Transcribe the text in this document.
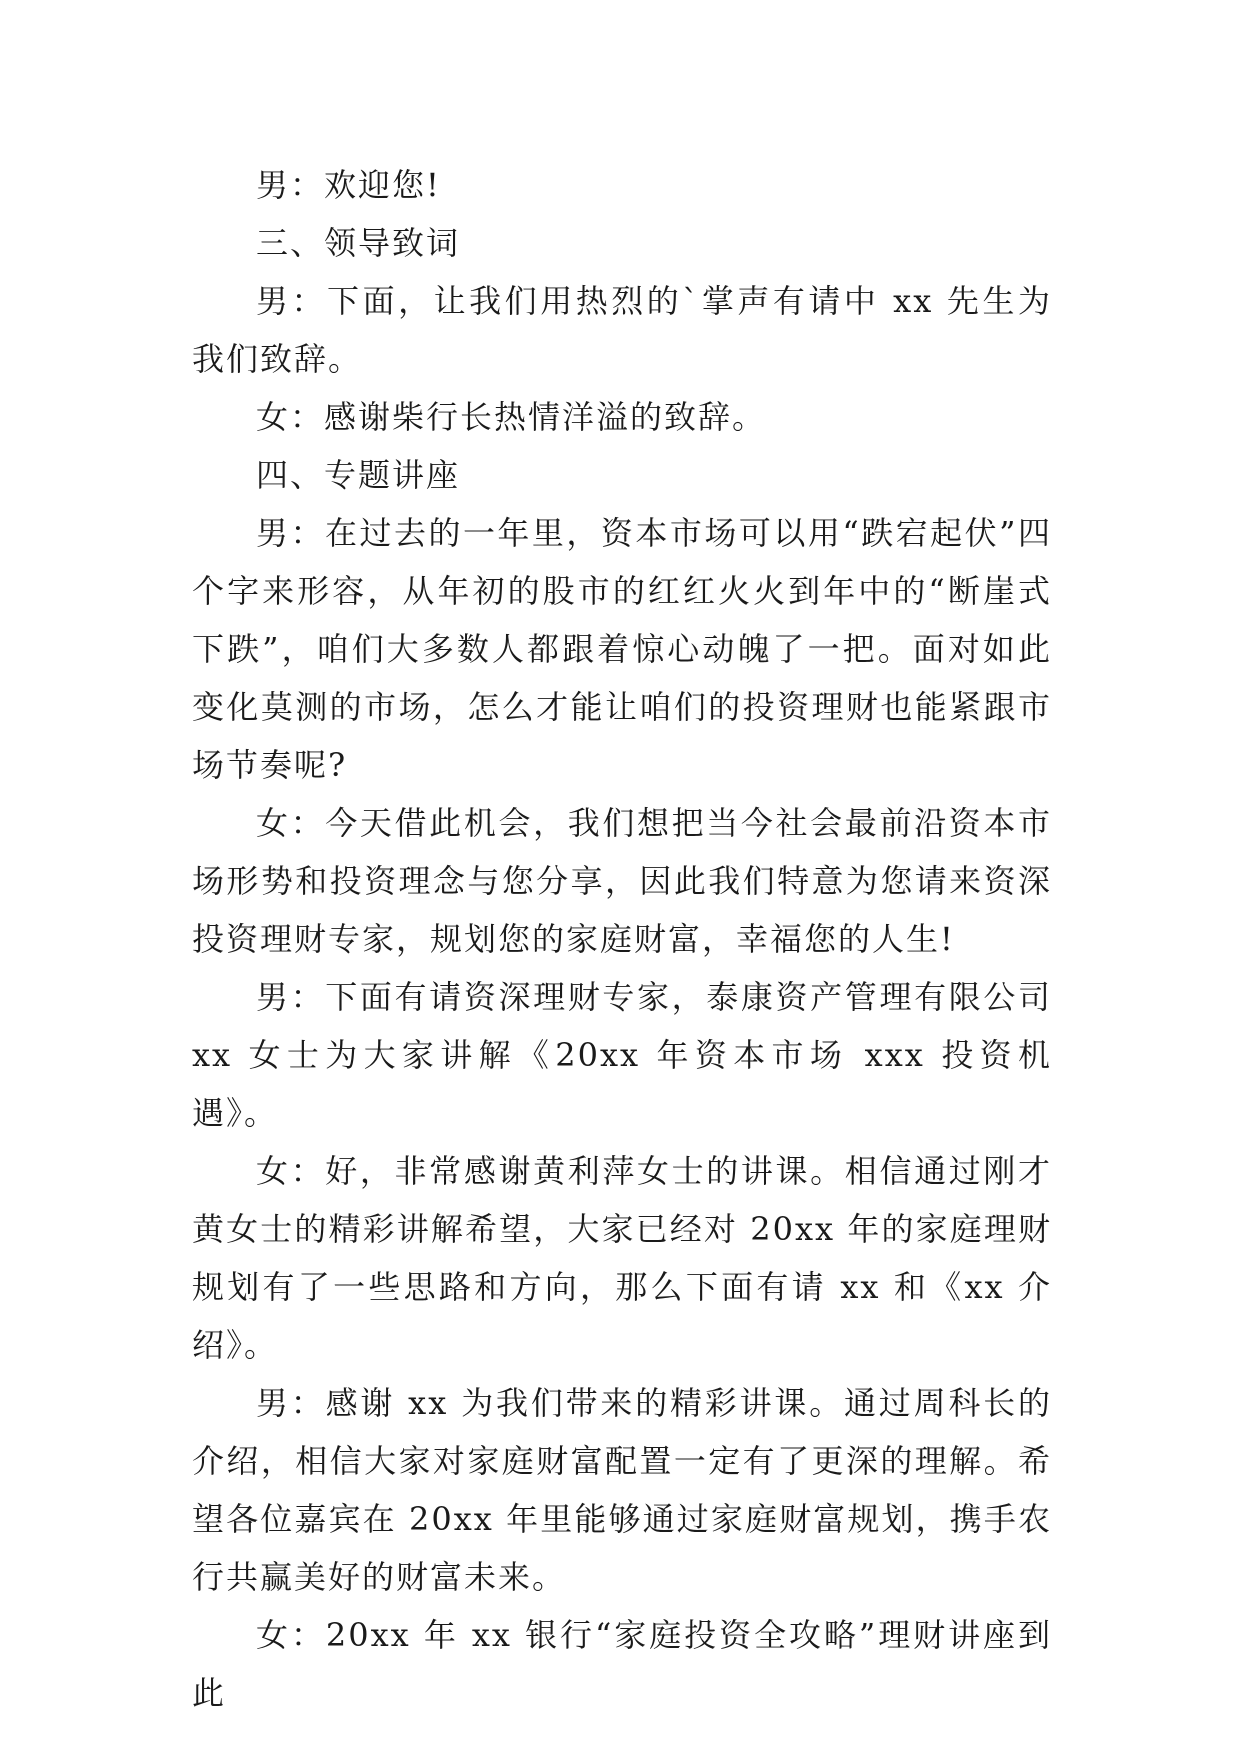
男：欢迎您!

三、领导致词

男：下面，让我们用热烈的`掌声有请中 xx 先生为我们致辞。

女：感谢柴行长热情洋溢的致辞。

四、专题讲座

男：在过去的一年里，资本市场可以用“跌宕起伏”四个字来形容，从年初的股市的红红火火到年中的“断崖式下跌”，咱们大多数人都跟着惊心动魄了一把。面对如此变化莫测的市场，怎么才能让咱们的投资理财也能紧跟市场节奏呢?

女：今天借此机会，我们想把当今社会最前沿资本市场形势和投资理念与您分享，因此我们特意为您请来资深投资理财专家，规划您的家庭财富，幸福您的人生!

男：下面有请资深理财专家，泰康资产管理有限公司 xx 女士为大家讲解《20xx 年资本市场 xxx 投资机遇》。

女：好，非常感谢黄利萍女士的讲课。相信通过刚才黄女士的精彩讲解希望，大家已经对 20xx 年的家庭理财规划有了一些思路和方向，那么下面有请 xx 和《xx 介绍》。

男：感谢 xx 为我们带来的精彩讲课。通过周科长的介绍，相信大家对家庭财富配置一定有了更深的理解。希望各位嘉宾在 20xx 年里能够通过家庭财富规划，携手农行共赢美好的财富未来。

女：20xx 年 xx 银行“家庭投资全攻略”理财讲座到此
